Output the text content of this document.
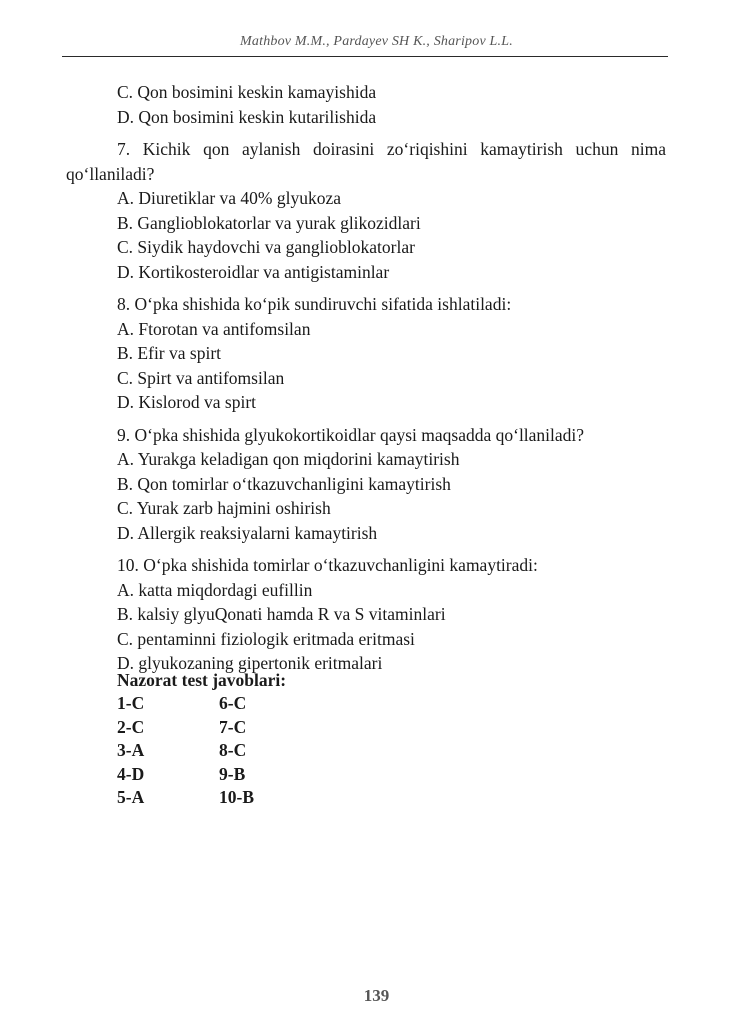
Mathbov M.M., Pardayev SH K., Sharipov L.L.
C. Qon bosimini keskin kamayishida
D. Qon bosimini keskin kutarilishida
7. Kichik qon aylanish doirasini zo‘riqishini kamaytirish uchun nima qo‘llaniladi?
A. Diuretiklar va 40% glyukoza
B. Ganglioblokatorlar va yurak glikozidlari
C. Siydik haydovchi va ganglioblokatorlar
D. Kortikosteroidlar va antigistaminlar
8. O‘pka shishida ko‘pik sundiruvchi sifatida ishlatiladi:
A. Ftorotan va antifomsilan
B. Efir va spirt
C. Spirt va antifomsilan
D. Kislorod va spirt
9. O‘pka shishida glyukokortikoidlar qaysi maqsadda qo‘llaniladi?
A. Yurakga keladigan qon miqdorini kamaytirish
B. Qon tomirlar o‘tkazuvchanligini kamaytirish
C. Yurak zarb hajmini oshirish
D. Allergik reaksiyalarni kamaytirish
10. O‘pka shishida tomirlar o‘tkazuvchanligini kamaytiradi:
A. katta miqdordagi eufillin
B. kalsiy glyuQonati hamda R va S vitaminlari
C. pentaminni fiziologik eritmada eritmasi
D. glyukozaning gipertonik eritmalari
Nazorat test javoblari:
1-C	6-C
2-C	7-C
3-A	8-C
4-D	9-B
5-A	10-B
139
